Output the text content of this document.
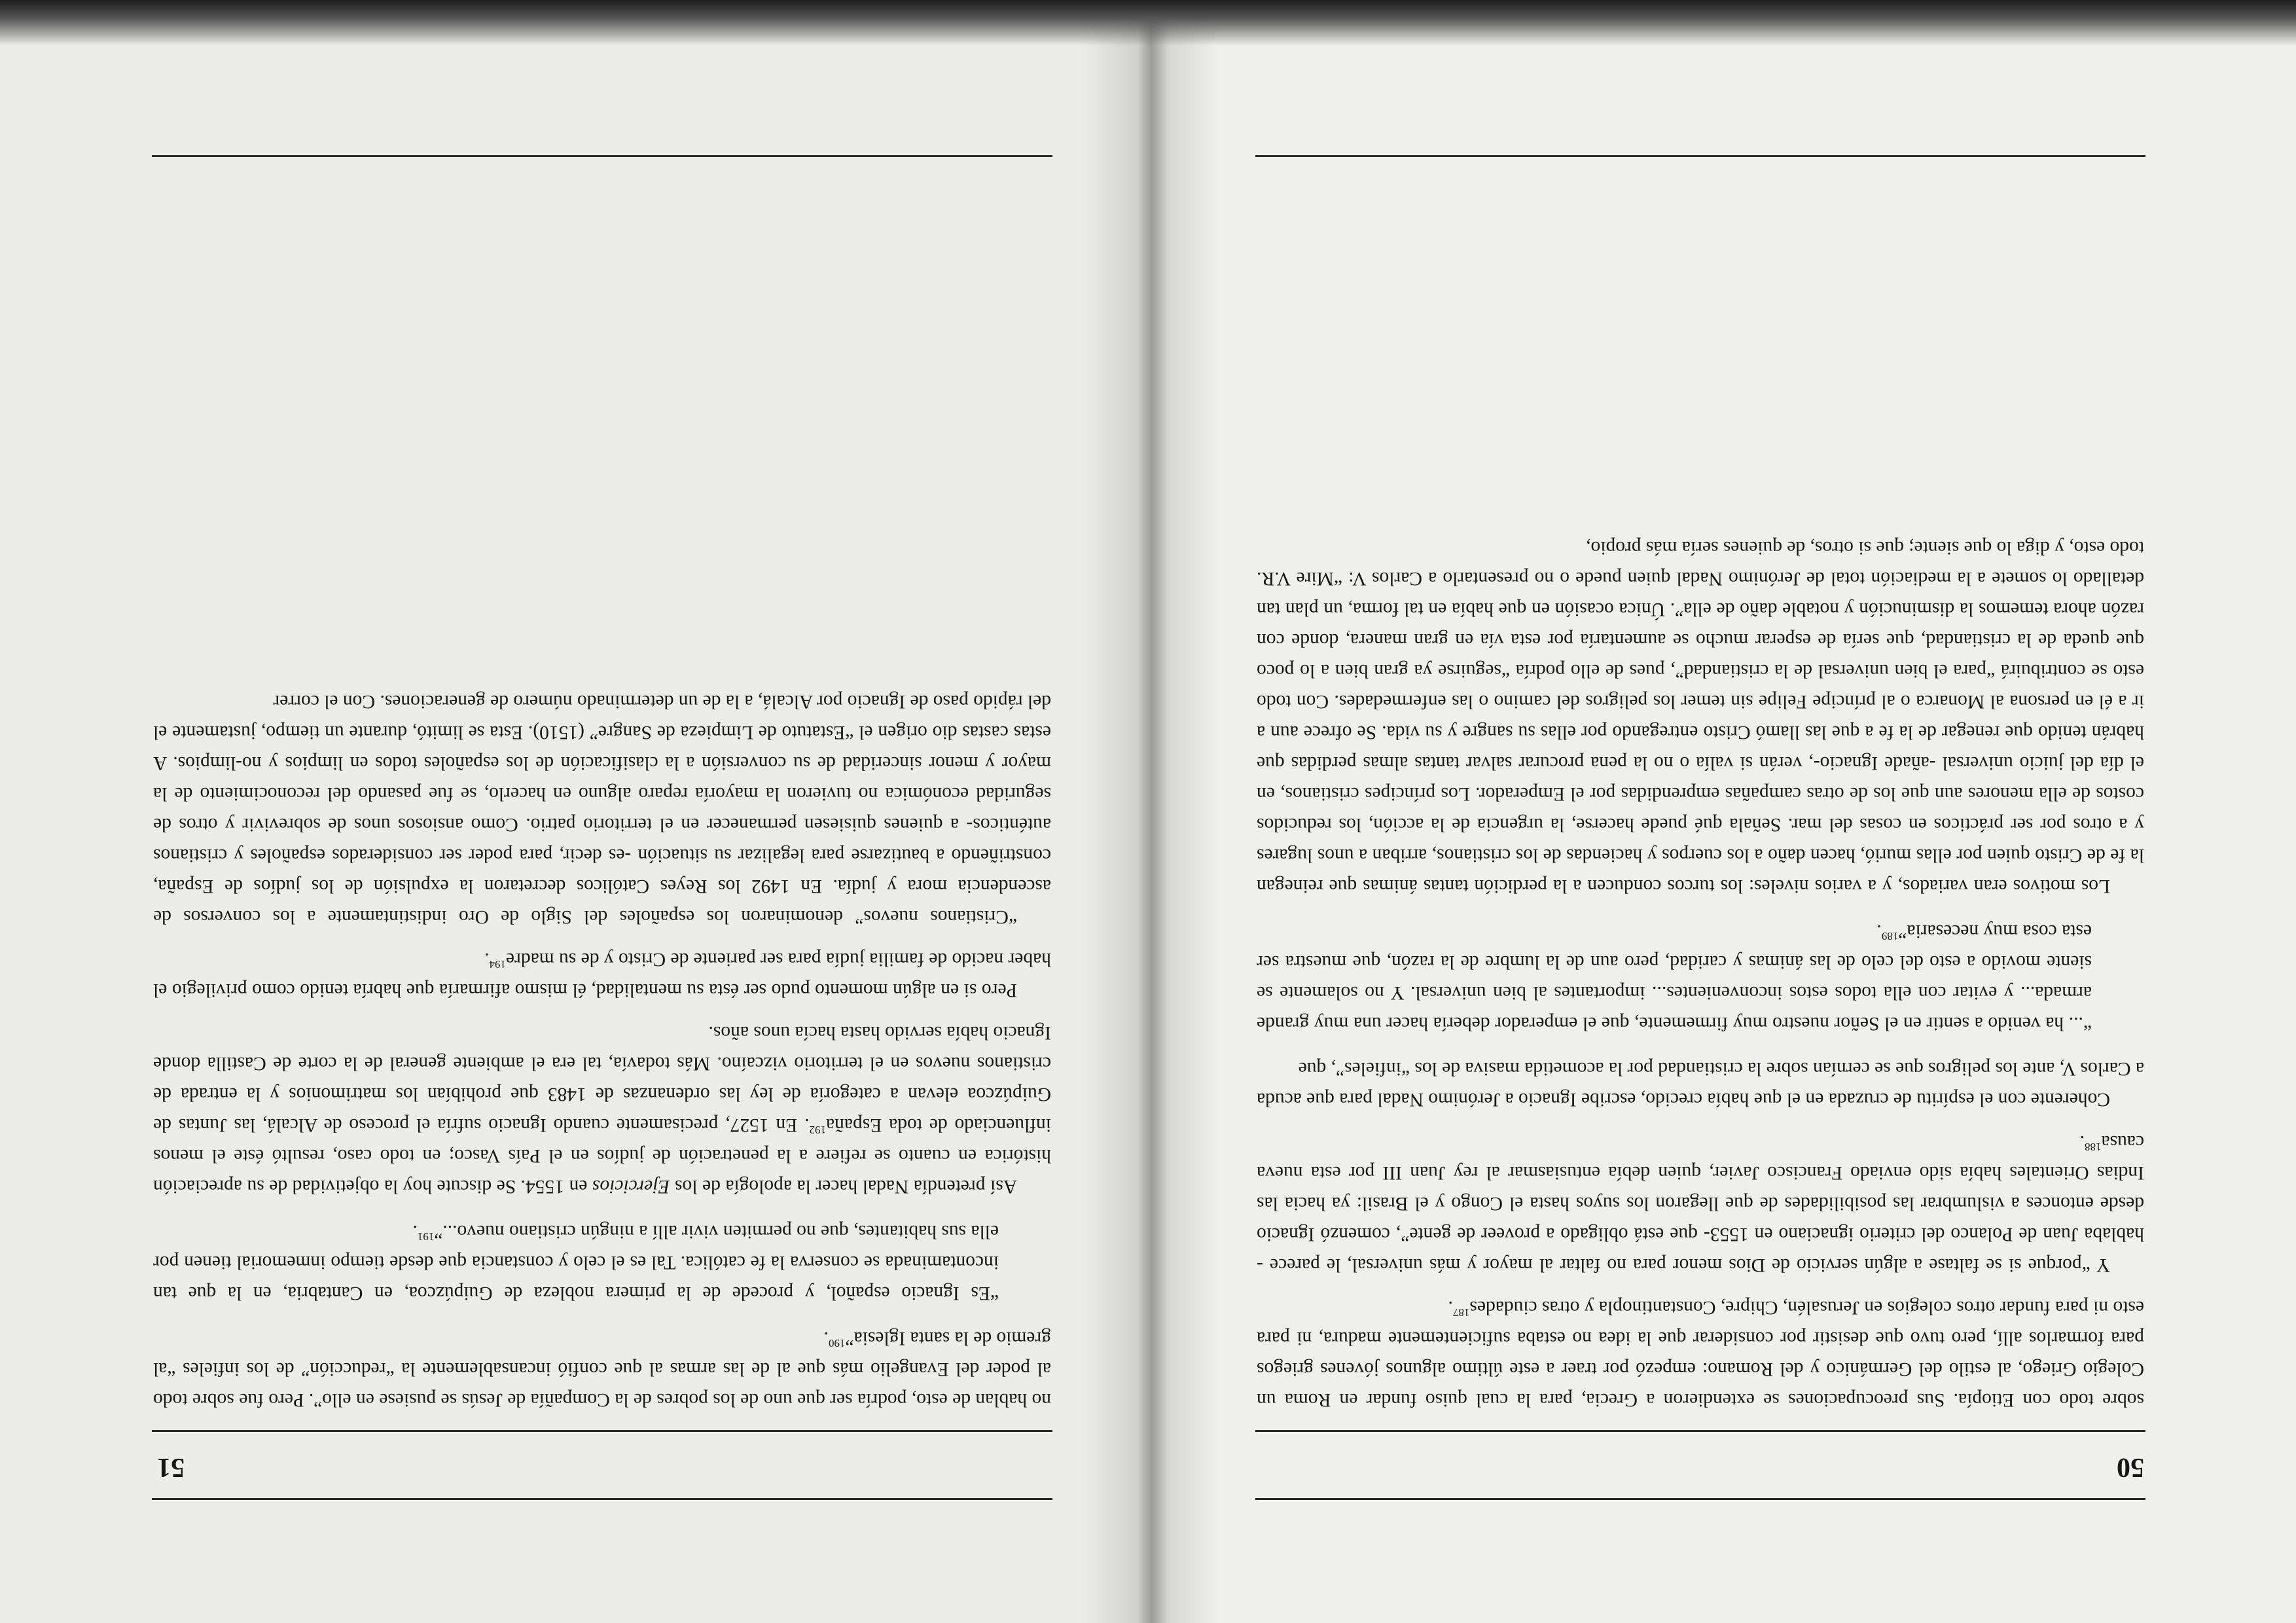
50

sobre todo con Etiopía. Sus preocupaciones se extendieron a Grecia, para la cual quiso fundar en Roma un Colegio Griego, al estilo del Germánico y del Romano: empezó por traer a este último algunos jóvenes griegos para formarlos allí, pero tuvo que desistir por considerar que la idea no estaba suficientemente madura, ni para esto ni para fundar otros colegios en Jerusalén, Chipre, Constantinopla y otras ciudades$^{187}$.

Y “porque si se faltase a algún servicio de Dios menor para no faltar al mayor y más universal, le parece -hablaba Juan de Polanco del criterio ignaciano en 1553- que está obligado a proveer de gente”, comenzó Ignacio desde entonces a vislumbrar las posibilidades de que llegaron los suyos hasta el Congo y el Brasil: ya hacia las Indias Orientales había sido enviado Francisco Javier, quien debía entusiasmar al rey Juan III por esta nueva causa$^{188}$.

Coherente con el espíritu de cruzada en el que había crecido, escribe Ignacio a Jerónimo Nadal para que acuda a Carlos V, ante los peligros que se cernían sobre la cristiandad por la acometida masiva de los “infieles”, que

“... ha venido a sentir en el Señor nuestro muy firmemente, que el emperador debería hacer una muy grande armada... y evitar con ella todos estos inconvenientes... importantes al bien universal. Y no solamente se siente movido a esto del celo de las ánimas y caridad, pero aun de la lumbre de la razón, que muestra ser esta cosa muy necesaria”$^{189}$.

Los motivos eran variados, y a varios niveles: los turcos conducen a la perdición tantas ánimas que reinegan la fe de Cristo quien por ellas murió, hacen daño a los cuerpos y haciendas de los cristianos, arriban a unos lugares y a otros por ser prácticos en cosas del mar. Señala qué puede hacerse, la urgencia de la acción, los reducidos costos de ella menores aun que los de otras campañas emprendidas por el Emperador. Los príncipes cristianos, en el día del juicio universal -añade Ignacio-, verán si valía o no la pena procurar salvar tantas almas perdidas que habrán tenido que renegar de la fe a que las llamó Cristo entregando por ellas su sangre y su vida. Se ofrece aun a ir a él en persona al Monarca o al príncipe Felipe sin temer los peligros del camino o las enfermedades. Con todo esto se contribuirá “para el bien universal de la cristiandad”, pues de ello podría “seguirse ya gran bien a lo poco que queda de la cristiandad, que sería de esperar mucho se aumentaría por esta vía en gran manera, donde con razón ahora tememos la disminución y notable daño de ella”. Única ocasión en que había en tal forma, un plan tan detallado lo somete a la mediación total de Jerónimo Nadal quien puede o no presentarlo a Carlos V: “Mire V.R. todo esto, y diga lo que siente; que si otros, de quienes sería más propio,

51

no hablan de esto, podría ser que uno de los pobres de la Compañía de Jesús se pusiese en ello”. Pero fue sobre todo al poder del Evangelio más que al de las armas al que confió incansablemente la “reducción” de los infieles “al gremio de la santa Iglesia”$^{190}$.

“Es Ignacio español, y procede de la primera nobleza de Guipúzcoa, en Cantabria, en la que tan incontaminada se conserva la fe católica. Tal es el celo y constancia que desde tiempo inmemorial tienen por ella sus habitantes, que no permiten vivir allí a ningún cristiano nuevo...”$^{191}$.

Así pretendía Nadal hacer la apología de los Ejercicios en 1554. Se discute hoy la objetividad de su apreciación histórica en cuanto se refiere a la penetración de judíos en el País Vasco; en todo caso, resultó éste el menos influenciado de toda España$^{192}$. En 1527, precisamente cuando Ignacio sufría el proceso de Alcalá, las Juntas de Guipúzcoa elevan a categoría de ley las ordenanzas de 1483 que prohibían los matrimonios y la entrada de cristianos nuevos en el territorio vizcaíno. Más todavía, tal era el ambiente general de la corte de Castilla donde Ignacio había servido hasta hacía unos años.

Pero si en algún momento pudo ser ésta su mentalidad, él mismo afirmaría que habría tenido como privilegio el haber nacido de familia judía para ser pariente de Cristo y de su madre$^{194}$.

“Cristianos nuevos” denominaron los españoles del Siglo de Oro indistintamente a los conversos de ascendencia mora y judía. En 1492 los Reyes Católicos decretaron la expulsión de los judíos de España, constriñendo a bautizarse para legalizar su situación -es decir, para poder ser considerados españoles y cristianos auténticos- a quienes quisiesen permanecer en el territorio patrio. Como ansiosos unos de sobrevivir y otros de seguridad económica no tuvieron la mayoría reparo alguno en hacerlo, se fue pasando del reconocimiento de la mayor y menor sinceridad de su conversión a la clasificación de los españoles todos en limpios y no-limpios. A estas castas dio origen el “Estatuto de Limpieza de Sangre” (1510). Esta se limitó, durante un tiempo, justamente el del rápido paso de Ignacio por Alcalá, a la de un determinado número de generaciones. Con el correr
